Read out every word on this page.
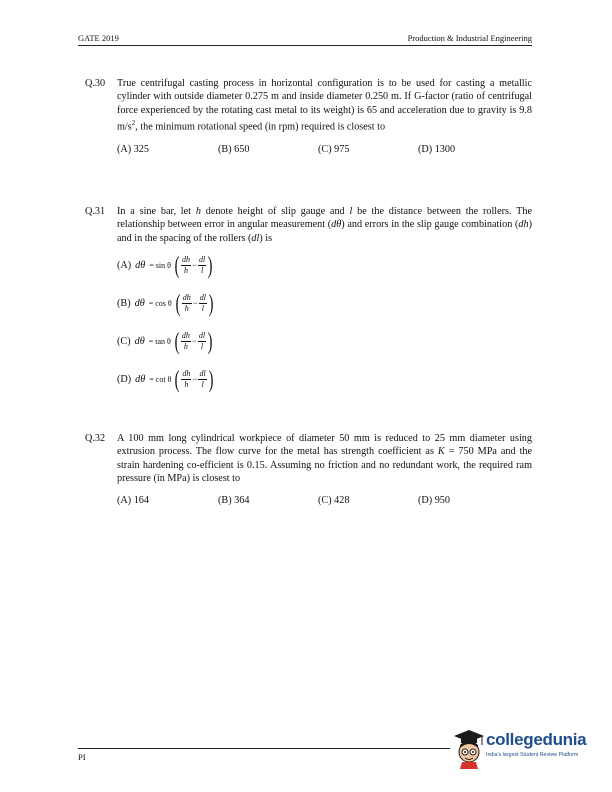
GATE 2019	Production & Industrial Engineering
Q.30	True centrifugal casting process in horizontal configuration is to be used for casting a metallic cylinder with outside diameter 0.275 m and inside diameter 0.250 m. If G-factor (ratio of centrifugal force experienced by the rotating cast metal to its weight) is 65 and acceleration due to gravity is 9.8 $m/s^2$, the minimum rotational speed (in rpm) required is closest to
(A) 325	(B) 650	(C) 975	(D) 1300
Q.31	In a sine bar, let h denote height of slip gauge and l be the distance between the rollers. The relationship between error in angular measurement (dθ) and errors in the slip gauge combination (dh) and in the spacing of the rollers (dl) is
(A) dθ = sin θ ( $\frac{dh}{h} - \frac{dl}{l}$ )
(B) dθ = cos θ ( $\frac{dh}{h} - \frac{dl}{l}$ )
(C) dθ = tan θ ( $\frac{dh}{h} - \frac{dl}{l}$ )
(D) dθ = cot θ ( $\frac{dh}{h} - \frac{dl}{l}$ )
Q.32	A 100 mm long cylindrical workpiece of diameter 50 mm is reduced to 25 mm diameter using extrusion process. The flow curve for the metal has strength coefficient as K = 750 MPa and the strain hardening co-efficient is 0.15. Assuming no friction and no redundant work, the required ram pressure (in MPa) is closest to
(A) 164	(B) 364	(C) 428	(D) 950
PI
collegedunia
India's largest Student Review Platform
